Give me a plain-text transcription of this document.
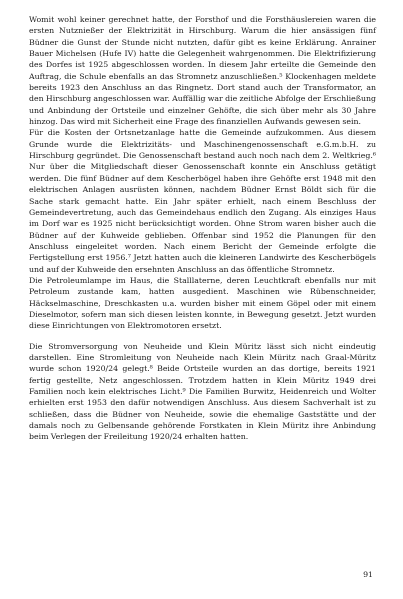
Womit wohl keiner gerechnet hatte, der Forsthof und die Forsthäuslereien waren die ersten Nutznießer der Elektrizität in Hirschburg. Warum die hier ansässigen fünf Büdner die Gunst der Stunde nicht nutzten, dafür gibt es keine Erklärung. Anrainer Bauer Michelsen (Hufe IV) hatte die Gelegenheit wahrgenommen. Die Elektrifizierung des Dorfes ist 1925 abgeschlossen worden. In diesem Jahr erteilte die Gemeinde den Auftrag, die Schule ebenfalls an das Stromnetz anzuschließen.⁵ Klockenhagen meldete bereits 1923 den Anschluss an das Ringnetz. Dort stand auch der Transformator, an den Hirschburg angeschlossen war. Auffällig war die zeitliche Abfolge der Erschließung und Anbindung der Ortsteile und einzelner Gehöfte, die sich über mehr als 30 Jahre hinzog. Das wird mit Sicherheit eine Frage des finanziellen Aufwands gewesen sein.

Für die Kosten der Ortsnetzanlage hatte die Gemeinde aufzukommen. Aus diesem Grunde wurde die Elektrizitäts- und Maschinengenossenschaft e.G.m.b.H. zu Hirschburg gegründet. Die Genossenschaft bestand auch noch nach dem 2. Weltkrieg.⁶ Nur über die Mitgliedschaft dieser Genossenschaft konnte ein Anschluss getätigt werden. Die fünf Büdner auf dem Kescherbögel haben ihre Gehöfte erst 1948 mit den elektrischen Anlagen ausrüsten können, nachdem Büdner Ernst Böldt sich für die Sache stark gemacht hatte. Ein Jahr später erhielt, nach einem Beschluss der Gemeindevertretung, auch das Gemeindehaus endlich den Zugang. Als einziges Haus im Dorf war es 1925 nicht berücksichtigt worden. Ohne Strom waren bisher auch die Büdner auf der Kuhweide geblieben. Offenbar sind 1952 die Planungen für den Anschluss eingeleitet worden. Nach einem Bericht der Gemeinde erfolgte die Fertigstellung erst 1956.⁷ Jetzt hatten auch die kleineren Landwirte des Kescherbögels und auf der Kuhweide den ersehnten Anschluss an das öffentliche Stromnetz.

Die Petroleumlampe im Haus, die Stalllaterne, deren Leuchtkraft ebenfalls nur mit Petroleum zustande kam, hatten ausgedient. Maschinen wie Rübenschneider, Häckselmaschine, Dreschkasten u.a. wurden bisher mit einem Göpel oder mit einem Dieselmotor, sofern man sich diesen leisten konnte, in Bewegung gesetzt. Jetzt wurden diese Einrichtungen von Elektromotoren ersetzt.

Die Stromversorgung von Neuheide und Klein Müritz lässt sich nicht eindeutig darstellen. Eine Stromleitung von Neuheide nach Klein Müritz nach Graal-Müritz wurde schon 1920/24 gelegt.⁸ Beide Ortsteile wurden an das dortige, bereits 1921 fertig gestellte, Netz angeschlossen. Trotzdem hatten in Klein Müritz 1949 drei Familien noch kein elektrisches Licht.⁹ Die Familien Burwitz, Heidenreich und Wolter erhielten erst 1953 den dafür notwendigen Anschluss. Aus diesem Sachverhalt ist zu schließen, dass die Büdner von Neuheide, sowie die ehemalige Gaststätte und der damals noch zu Gelbensande gehörende Forstkaten in Klein Müritz ihre Anbindung beim Verlegen der Freileitung 1920/24 erhalten hatten.

91
